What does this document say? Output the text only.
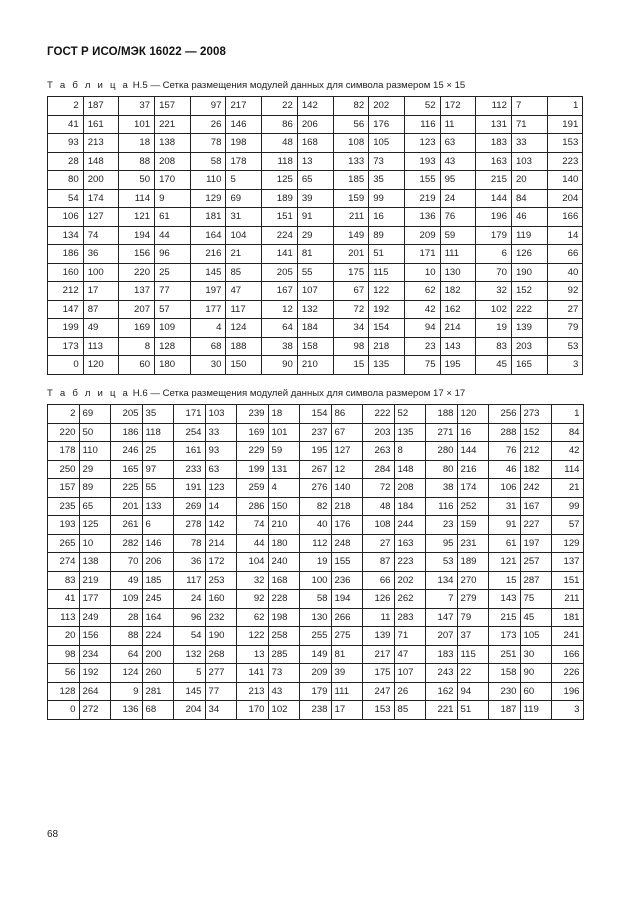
ГОСТ Р ИСО/МЭК 16022 — 2008
Т а б л и ц а H.5 — Сетка размещения модулей данных для символа размером 15 × 15
2	187	37	157	97	217	22	142	82	202	52	172	112	7	1
41	161	101	221	26	146	86	206	56	176	116	11	131	71	191
93	213	18	138	78	198	48	168	108	105	123	63	183	33	153
28	148	88	208	58	178	118	13	133	73	193	43	163	103	223
80	200	50	170	110	5	125	65	185	35	155	95	215	20	140
54	174	114	9	129	69	189	39	159	99	219	24	144	84	204
106	127	121	61	181	31	151	91	211	16	136	76	196	46	166
134	74	194	44	164	104	224	29	149	89	209	59	179	119	14
186	36	156	96	216	21	141	81	201	51	171	111	6	126	66
160	100	220	25	145	85	205	55	175	115	10	130	70	190	40
212	17	137	77	197	47	167	107	67	122	62	182	32	152	92
147	87	207	57	177	117	12	132	72	192	42	162	102	222	27
199	49	169	109	4	124	64	184	34	154	94	214	19	139	79
173	113	8	128	68	188	38	158	98	218	23	143	83	203	53
0	120	60	180	30	150	90	210	15	135	75	195	45	165	3
Т а б л и ц а H.6 — Сетка размещения модулей данных для символа размером 17 × 17
2	69	205	35	171	103	239	18	154	86	222	52	188	120	256	273	1
220	50	186	118	254	33	169	101	237	67	203	135	271	16	288	152	84
178	110	246	25	161	93	229	59	195	127	263	8	280	144	76	212	42
250	29	165	97	233	63	199	131	267	12	284	148	80	216	46	182	114
157	89	225	55	191	123	259	4	276	140	72	208	38	174	106	242	21
235	65	201	133	269	14	286	150	82	218	48	184	116	252	31	167	99
193	125	261	6	278	142	74	210	40	176	108	244	23	159	91	227	57
265	10	282	146	78	214	44	180	112	248	27	163	95	231	61	197	129
274	138	70	206	36	172	104	240	19	155	87	223	53	189	121	257	137
83	219	49	185	117	253	32	168	100	236	66	202	134	270	15	287	151
41	177	109	245	24	160	92	228	58	194	126	262	7	279	143	75	211
113	249	28	164	96	232	62	198	130	266	11	283	147	79	215	45	181
20	156	88	224	54	190	122	258	255	275	139	71	207	37	173	105	241
98	234	64	200	132	268	13	285	149	81	217	47	183	115	251	30	166
56	192	124	260	5	277	141	73	209	39	175	107	243	22	158	90	226
128	264	9	281	145	77	213	43	179	111	247	26	162	94	230	60	196
0	272	136	68	204	34	170	102	238	17	153	85	221	51	187	119	3
68
